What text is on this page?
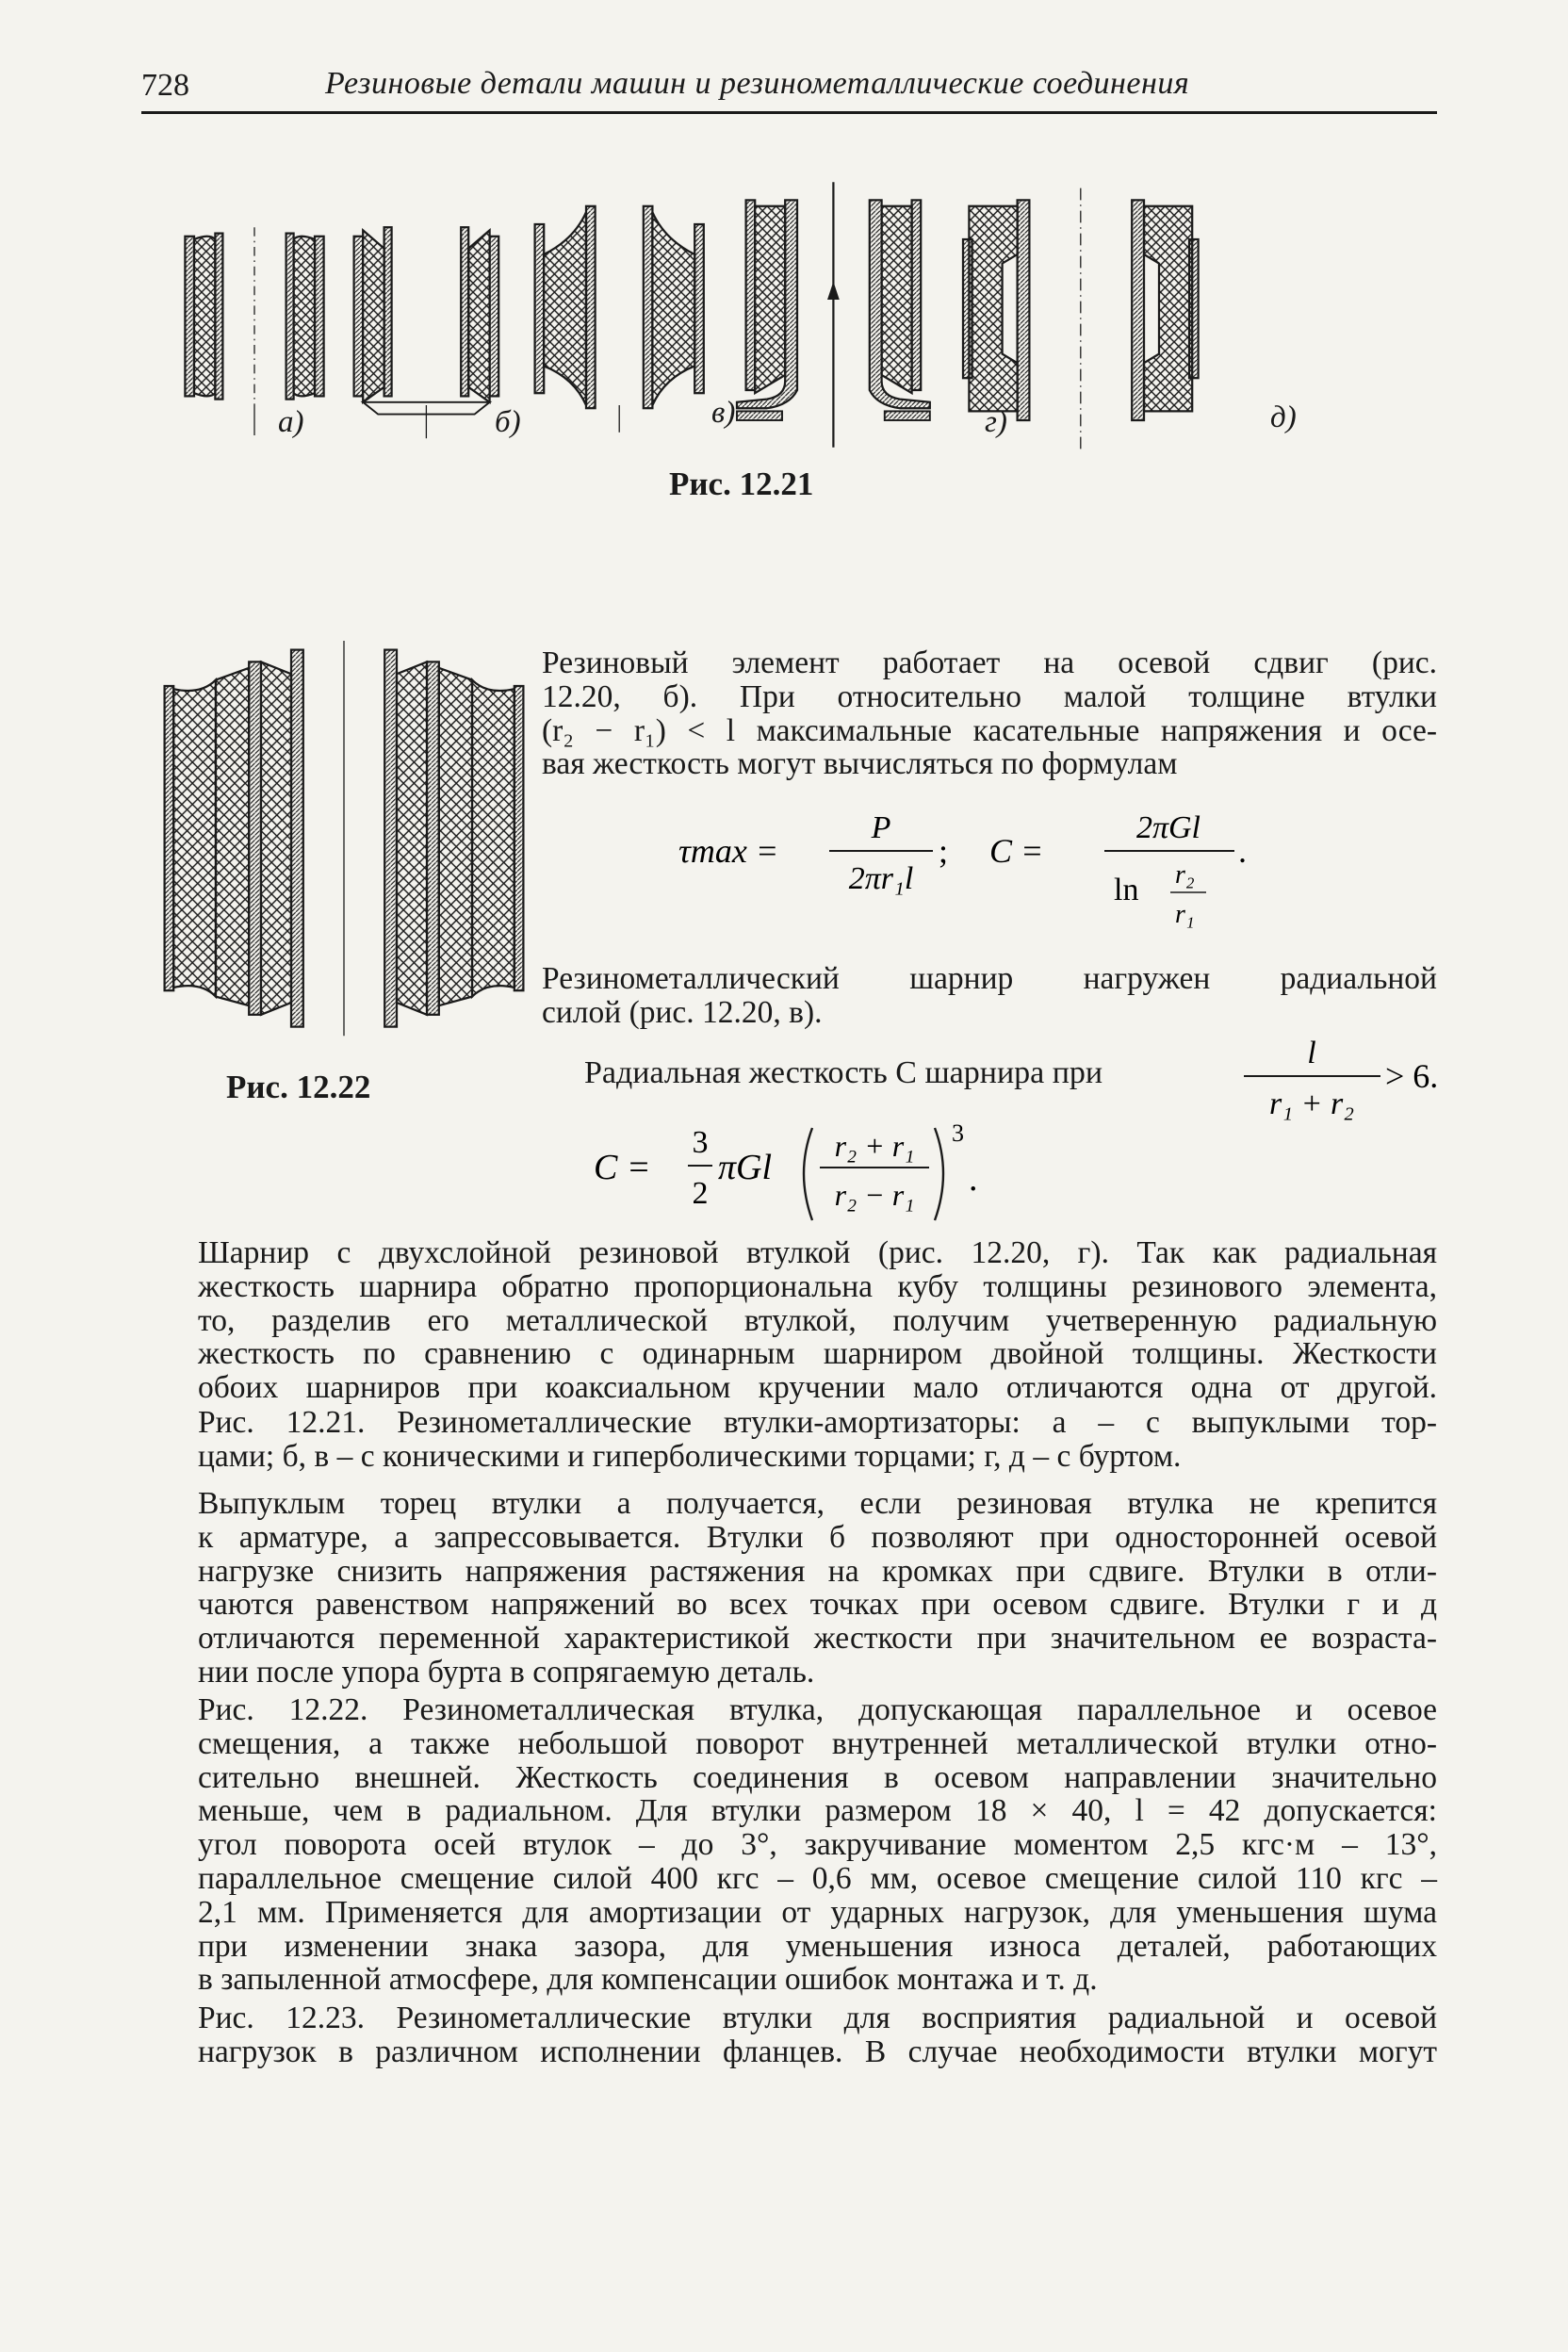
728	Резиновые детали машин и резинометаллические соединения
а)	б)	в)	г)	д)
Рис. 12.21
Рис. 12.22
Резиновый элемент работает на осевой сдвиг (рис.
12.20, б). При относительно малой толщине втулки
(r₂ − r₁) < l максимальные касательные напряжения и осе-
вая жесткость могут вычисляться по формулам
τmax =
P
2πr₁l
; C =
2πGl
ln r₂
r₁
.
Резинометаллический шарнир нагружен радиальной
силой (рис. 12.20, в).
Радиальная жесткость C шарнира при
l
r₁ + r₂
> 6.
C =
3
2
πGl
r₂ + r₁
r₂ − r₁
3
.
Шарнир с двухслойной резиновой втулкой (рис. 12.20, г). Так как радиальная
жесткость шарнира обратно пропорциональна кубу толщины резинового элемента,
то, разделив его металлической втулкой, получим учетверенную радиальную
жесткость по сравнению с одинарным шарниром двойной толщины. Жесткости
обоих шарниров при коаксиальном кручении мало отличаются одна от другой.
Рис. 12.21. Резинометаллические втулки-амортизаторы: а – с выпуклыми тор-
цами; б, в – с коническими и гиперболическими торцами; г, д – с буртом.
Выпуклым торец втулки а получается, если резиновая втулка не крепится
к арматуре, а запрессовывается. Втулки б позволяют при односторонней осевой
нагрузке снизить напряжения растяжения на кромках при сдвиге. Втулки в отли-
чаются равенством напряжений во всех точках при осевом сдвиге. Втулки г и д
отличаются переменной характеристикой жесткости при значительном ее возраста-
нии после упора бурта в сопрягаемую деталь.
Рис. 12.22. Резинометаллическая втулка, допускающая параллельное и осевое
смещения, а также небольшой поворот внутренней металлической втулки отно-
сительно внешней. Жесткость соединения в осевом направлении значительно
меньше, чем в радиальном. Для втулки размером 18 × 40, l = 42 допускается:
угол поворота осей втулок – до 3°, закручивание моментом 2,5 кгс·м – 13°,
параллельное смещение силой 400 кгс – 0,6 мм, осевое смещение силой 110 кгс –
2,1 мм. Применяется для амортизации от ударных нагрузок, для уменьшения шума
при изменении знака зазора, для уменьшения износа деталей, работающих
в запыленной атмосфере, для компенсации ошибок монтажа и т. д.
Рис. 12.23. Резинометаллические втулки для восприятия радиальной и осевой
нагрузок в различном исполнении фланцев. В случае необходимости втулки могут
